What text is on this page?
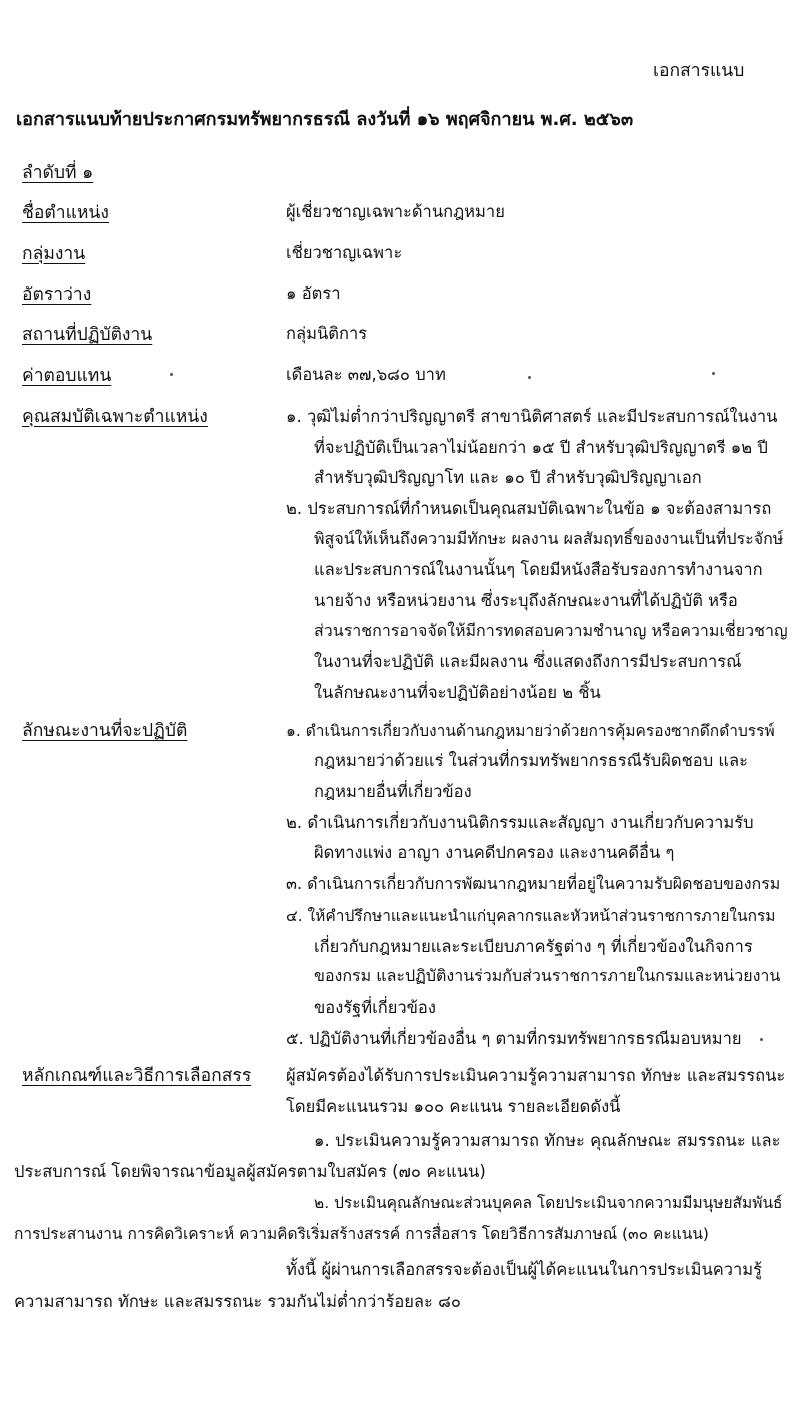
เอกสารแนบ
เอกสารแนบท้ายประกาศกรมทรัพยากรธรณี ลงวันที่ ๑๖ พฤศจิกายน พ.ศ. ๒๕๖๓
ลำดับที่ ๑
ชื่อตำแหน่ง	ผู้เชี่ยวชาญเฉพาะด้านกฎหมาย
กลุ่มงาน	เชี่ยวชาญเฉพาะ
อัตราว่าง	๑ อัตรา
สถานที่ปฏิบัติงาน	กลุ่มนิติการ
ค่าตอบแทน	เดือนละ ๓๗,๖๘๐ บาท
คุณสมบัติเฉพาะตำแหน่ง	๑. วุฒิไม่ต่ำกว่าปริญญาตรี สาขานิติศาสตร์ และมีประสบการณ์ในงาน
ที่จะปฏิบัติเป็นเวลาไม่น้อยกว่า ๑๕ ปี สำหรับวุฒิปริญญาตรี ๑๒ ปี
สำหรับวุฒิปริญญาโท และ ๑๐ ปี สำหรับวุฒิปริญญาเอก
๒. ประสบการณ์ที่กำหนดเป็นคุณสมบัติเฉพาะในข้อ ๑ จะต้องสามารถ
พิสูจน์ให้เห็นถึงความมีทักษะ ผลงาน ผลสัมฤทธิ์ของงานเป็นที่ประจักษ์
และประสบการณ์ในงานนั้นๆ โดยมีหนังสือรับรองการทำงานจาก
นายจ้าง หรือหน่วยงาน ซึ่งระบุถึงลักษณะงานที่ได้ปฏิบัติ หรือ
ส่วนราชการอาจจัดให้มีการทดสอบความชำนาญ หรือความเชี่ยวชาญ
ในงานที่จะปฏิบัติ และมีผลงาน ซึ่งแสดงถึงการมีประสบการณ์
ในลักษณะงานที่จะปฏิบัติอย่างน้อย ๒ ชิ้น
ลักษณะงานที่จะปฏิบัติ	๑. ดำเนินการเกี่ยวกับงานด้านกฎหมายว่าด้วยการคุ้มครองซากดึกดำบรรพ์
กฎหมายว่าด้วยแร่ ในส่วนที่กรมทรัพยากรธรณีรับผิดชอบ และ
กฎหมายอื่นที่เกี่ยวข้อง
๒. ดำเนินการเกี่ยวกับงานนิติกรรมและสัญญา งานเกี่ยวกับความรับ
ผิดทางแพ่ง อาญา งานคดีปกครอง และงานคดีอื่น ๆ
๓. ดำเนินการเกี่ยวกับการพัฒนากฎหมายที่อยู่ในความรับผิดชอบของกรม
๔. ให้คำปรึกษาและแนะนำแก่บุคลากรและหัวหน้าส่วนราชการภายในกรม
เกี่ยวกับกฎหมายและระเบียบภาครัฐต่าง ๆ ที่เกี่ยวข้องในกิจการ
ของกรม และปฏิบัติงานร่วมกับส่วนราชการภายในกรมและหน่วยงาน
ของรัฐที่เกี่ยวข้อง
๕. ปฏิบัติงานที่เกี่ยวข้องอื่น ๆ ตามที่กรมทรัพยากรธรณีมอบหมาย
หลักเกณฑ์และวิธีการเลือกสรร ผู้สมัครต้องได้รับการประเมินความรู้ความสามารถ ทักษะ และสมรรถนะ
โดยมีคะแนนรวม ๑๐๐ คะแนน รายละเอียดดังนี้
๑. ประเมินความรู้ความสามารถ ทักษะ คุณลักษณะ สมรรถนะ และ
ประสบการณ์ โดยพิจารณาข้อมูลผู้สมัครตามใบสมัคร (๗๐ คะแนน)
๒. ประเมินคุณลักษณะส่วนบุคคล โดยประเมินจากความมีมนุษยสัมพันธ์
การประสานงาน การคิดวิเคราะห์ ความคิดริเริ่มสร้างสรรค์ การสื่อสาร โดยวิธีการสัมภาษณ์ (๓๐ คะแนน)
ทั้งนี้ ผู้ผ่านการเลือกสรรจะต้องเป็นผู้ได้คะแนนในการประเมินความรู้
ความสามารถ ทักษะ และสมรรถนะ รวมกันไม่ต่ำกว่าร้อยละ ๘๐
